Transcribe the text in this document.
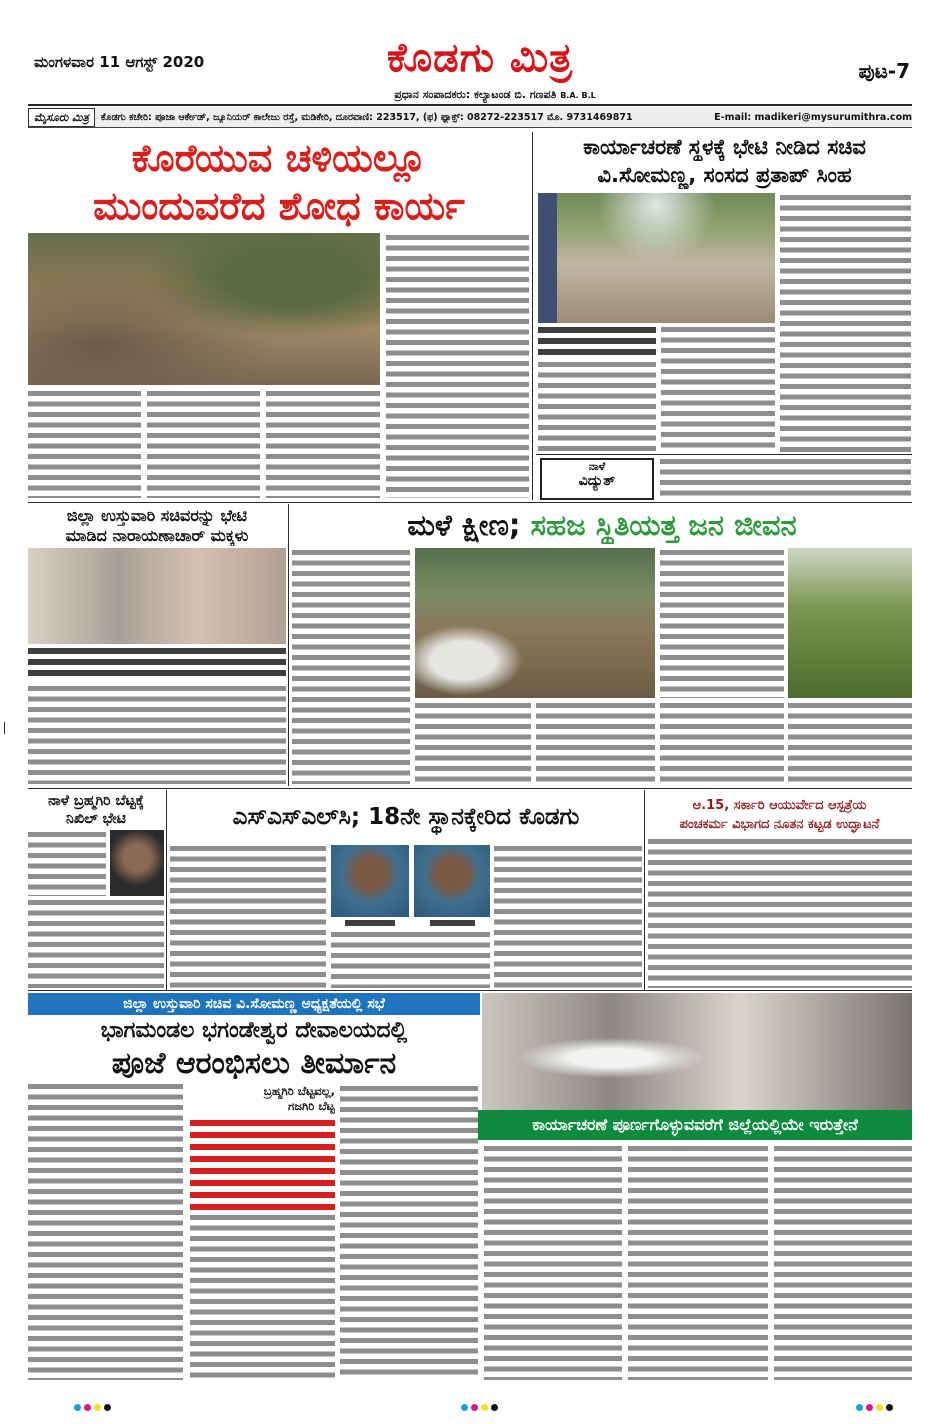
ಮಂಗಳವಾರ 11 ಆಗಸ್ಟ್ 2020	ಕೊಡಗು ಮಿತ್ರ
ಪ್ರಧಾನ ಸಂಪಾದಕರು: ಕಲ್ಯಾಟಂಡ ಬಿ. ಗಣಪತಿ B.A. B.L
ಪುಟ-7
ಮೈಸೂರು ಮಿತ್ರ	ಕೊಡಗು ಕಚೇರಿ: ಪೂಜಾ ಆರ್ಕೇಡ್, ಜ್ಯೂನಿಯರ್ ಕಾಲೇಜು ರಸ್ತೆ, ಮಡಿಕೇರಿ, ದೂರವಾಣಿ: 223517, (ಫ) ಫ್ಯಾಕ್ಸ್: 08272-223517 ಮೊ. 9731469871	E-mail: madikeri@mysurumithra.com
ಕೊರೆಯುವ ಚಳಿಯಲ್ಲೂ
ಮುಂದುವರೆದ ಶೋಧ ಕಾರ್ಯ
ಕಾರ್ಯಾಚರಣೆ ಸ್ಥಳಕ್ಕೆ ಭೇಟಿ ನೀಡಿದ ಸಚಿವ
ವಿ.ಸೋಮಣ್ಣ, ಸಂಸದ ಪ್ರತಾಪ್ ಸಿಂಹ
ನಾಳೆ
ವಿದ್ಯುತ್
ಜಿಲ್ಲಾ ಉಸ್ತುವಾರಿ ಸಚಿವರನ್ನು ಭೇಟಿ
ಮಾಡಿದ ನಾರಾಯಣಾಚಾರ್ ಮಕ್ಕಳು	ಮಳೆ ಕ್ಷೀಣ; ಸಹಜ ಸ್ಥಿತಿಯತ್ತ ಜನ ಜೀವನ
ನಾಳೆ ಬ್ರಹ್ಮಗಿರಿ ಬೆಟ್ಟಕ್ಕೆ
ನಿಖಿಲ್ ಭೇಟಿ	ಎಸ್‌ಎಸ್‌ಎಲ್‌ಸಿ; 18ನೇ ಸ್ಥಾನಕ್ಕೇರಿದ ಕೊಡಗು	ಆ.15, ಸರ್ಕಾರಿ ಆಯುರ್ವೇದ ಆಸ್ಪತ್ರೆಯ
ಪಂಚಕರ್ಮ ವಿಭಾಗದ ನೂತನ ಕಟ್ಟಡ ಉದ್ಘಾಟನೆ
ಜಿಲ್ಲಾ ಉಸ್ತುವಾರಿ ಸಚಿವ ವಿ.ಸೋಮಣ್ಣ ಅಧ್ಯಕ್ಷತೆಯಲ್ಲಿ ಸಭೆ
ಭಾಗಮಂಡಲ ಭಗಂಡೇಶ್ವರ ದೇವಾಲಯದಲ್ಲಿ
ಪೂಜೆ ಆರಂಭಿಸಲು ತೀರ್ಮಾನ
ಕಾರ್ಯಾಚರಣೆ ಪೂರ್ಣಗೊಳ್ಳುವವರೆಗೆ ಜಿಲ್ಲೆಯಲ್ಲಿಯೇ ಇರುತ್ತೇನೆ
ಬ್ರಹ್ಮಗಿರಿ ಬೆಟ್ಟವಲ್ಲ,
ಗಜಗಿರಿ ಬೆಟ್ಟ
